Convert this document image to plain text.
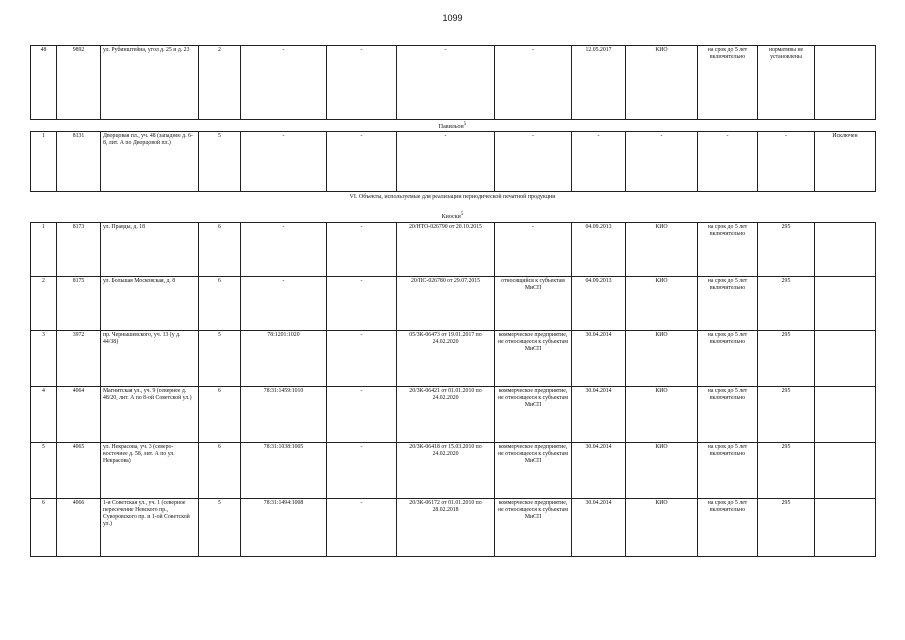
1099
48	9892	ул. Рубинштейна, угол д. 25 и д. 23	2	-	-	-	-	12.05.2017	КИО	на срок до 5 лет включительно	нормативы не установлены	
Павильон$^5$
1	8131	Дворцовая пл., уч. 48 (западнее д. 6-8, лит. А по Дворцовой пл.)	5	-	-	-	-	-	-	-	-	Исключен
VI. Объекты, используемые для реализации периодической печатной продукции
Киоски$^5$
1	8173	ул. Правды, д. 18	6	-	-	20/НТО-026790 от 20.10.2015	-	04.09.2013	КИО	на срок до 5 лет включительно	295	
2	8175	ул. Большая Московская, д. 8	6	-	-	20/ПС-026780 от 29.07.2015	относящийся к субъектам МиСП	04.09.2013	КИО	на срок до 5 лет включительно	295	
3	3972	пр. Чернышевского, уч. 13 (у д. 44/38)	5	78:1201:1020	-	05/ЗК-06473 от 19.01.2017 по 24.02.2020	коммерческое предприятие, не относящееся к субъектам МиСП	30.04.2014	КИО	на срок до 5 лет включительно	295	
4	4064	Магнитская ул., уч. 9 (севернее д. 48/20, лит. А по 8-ой Советской ул.)	6	78:31:1459:1010	-	20/ЗК-06421 от 01.01.2010 по 24.02.2020	коммерческое предприятие, не относящееся к субъектам МиСП	30.04.2014	КИО	на срок до 5 лет включительно	295	
5	4065	ул. Некрасова, уч. 3 (северо-восточнее д. 58, лит. А по ул. Некрасова)	6	78:31:1038:1005	-	20/ЗК-06418 от 15.03.2010 по 24.02.2020	коммерческое предприятие, не относящееся к субъектам МиСП	30.04.2014	КИО	на срок до 5 лет включительно	295	
6	4066	1-я Советская ул., уч. 1 (северное пересечение Невского пр., Суворовского пр. и 1-ой Советской ул.)	5	78:31:1494:1008	-	20/ЗК-06172 от 01.01.2010 по 28.02.2018	коммерческое предприятие, не относящееся к субъектам МиСП	30.04.2014	КИО	на срок до 5 лет включительно	295	
